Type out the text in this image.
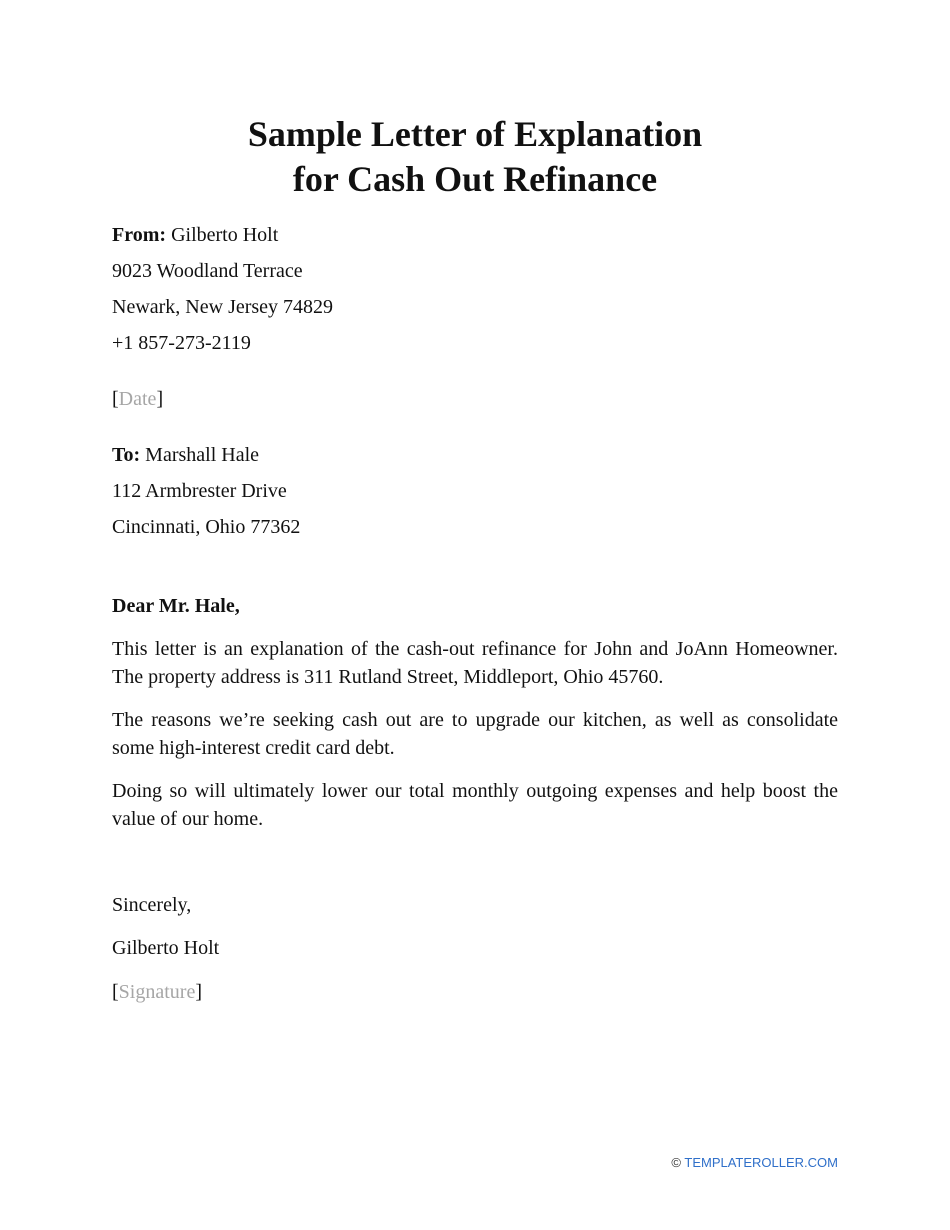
Sample Letter of Explanation
for Cash Out Refinance
From: Gilberto Holt
9023 Woodland Terrace
Newark, New Jersey 74829
+1 857-273-2119
[Date]
To: Marshall Hale
112 Armbrester Drive
Cincinnati, Ohio 77362
Dear Mr. Hale,
This letter is an explanation of the cash-out refinance for John and JoAnn Homeowner. The property address is 311 Rutland Street, Middleport, Ohio 45760.
The reasons we’re seeking cash out are to upgrade our kitchen, as well as consolidate some high-interest credit card debt.
Doing so will ultimately lower our total monthly outgoing expenses and help boost the value of our home.
Sincerely,
Gilberto Holt
[Signature]
© TEMPLATEROLLER.COM
